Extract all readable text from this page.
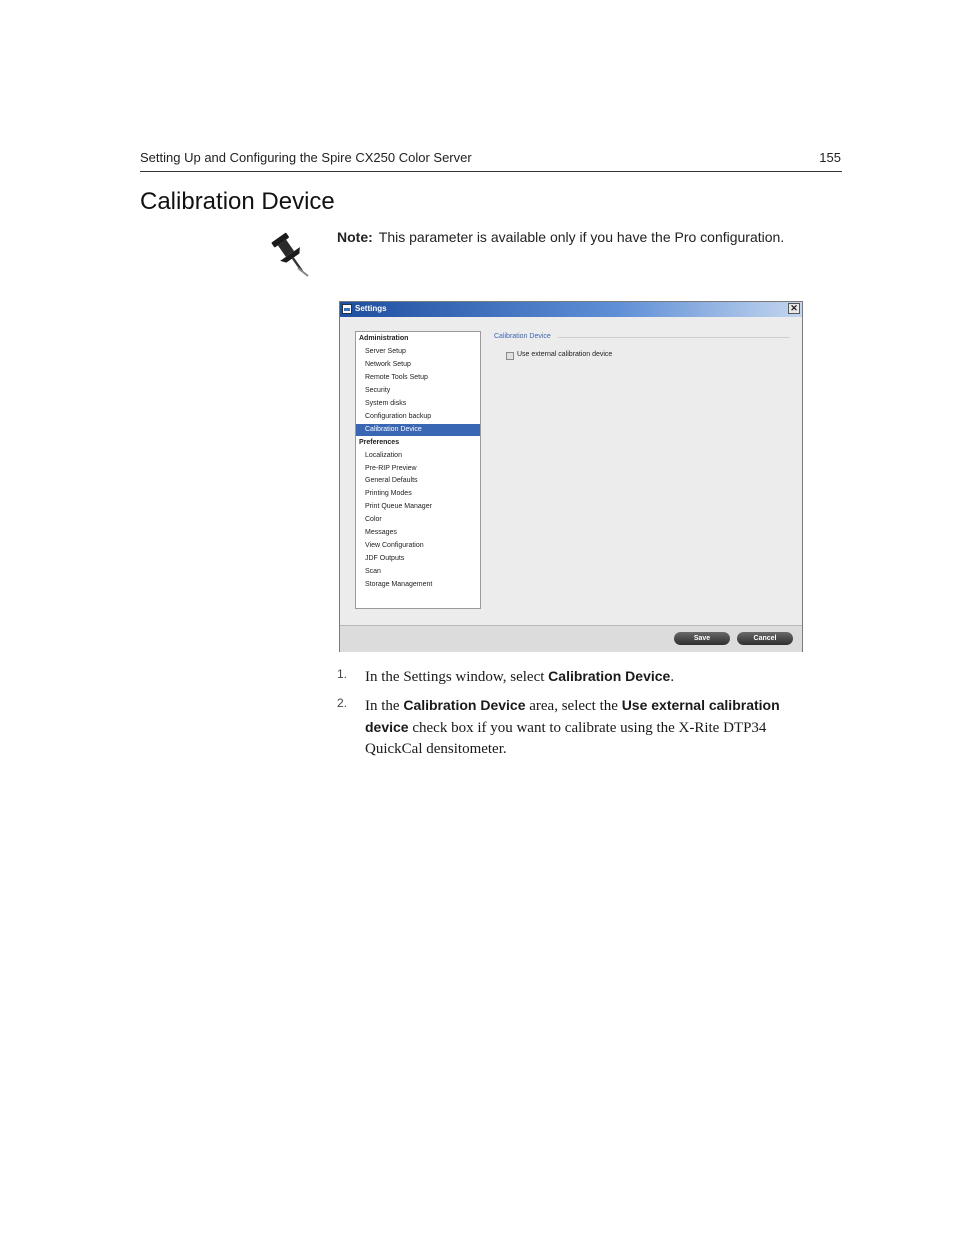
Setting Up and Configuring the Spire CX250 Color Server	155
Calibration Device
Note: This parameter is available only if you have the Pro configuration.
Settings	✕
Administration
Server Setup
Network Setup
Remote Tools Setup
Security
System disks
Configuration backup
Calibration Device
Preferences
Localization
Pre-RIP Preview
General Defaults
Printing Modes
Print Queue Manager
Color
Messages
View Configuration
JDF Outputs
Scan
Storage Management
Calibration Device
Use external calibration device
Save	Cancel
1. In the Settings window, select Calibration Device.
2. In the Calibration Device area, select the Use external calibration device check box if you want to calibrate using the X-Rite DTP34 QuickCal densitometer.
